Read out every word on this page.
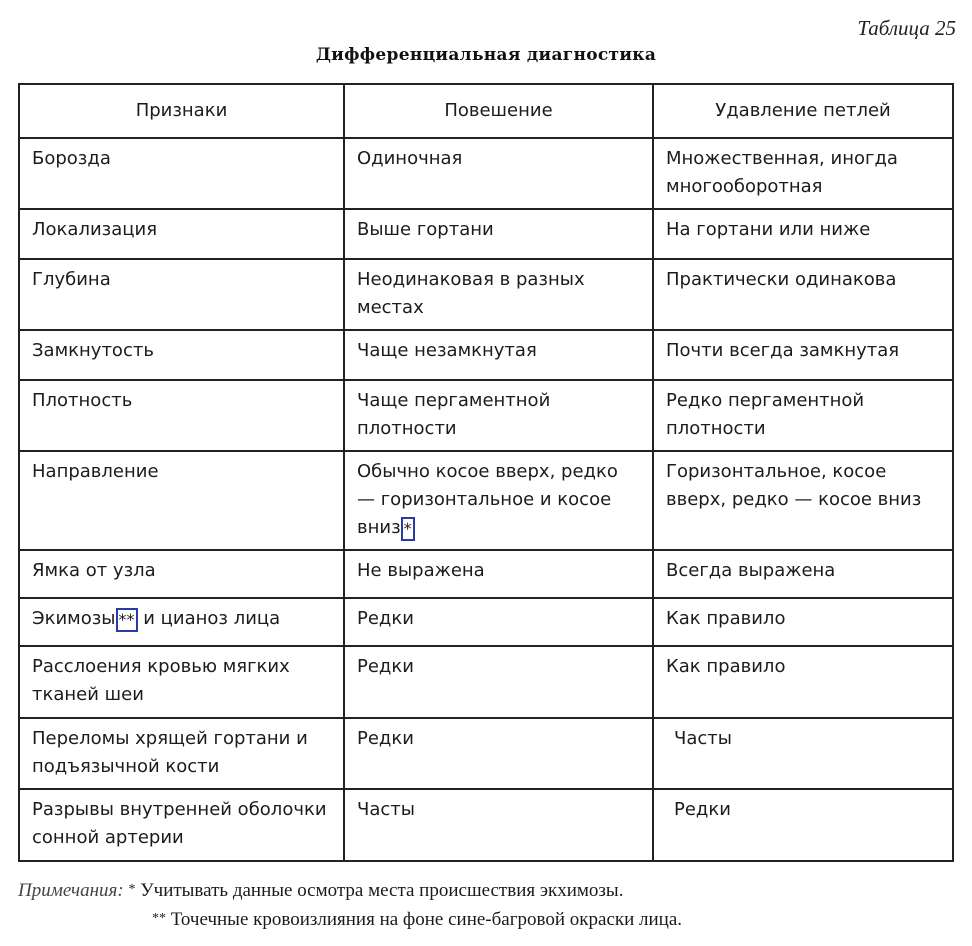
Таблица 25
Дифференциальная диагностика
Признаки	Повешение	Удавление петлей
Борозда	Одиночная	Множественная, иногда многооборотная
Локализация	Выше гортани	На гортани или ниже
Глубина	Неодинаковая в разных местах	Практически одинакова
Замкнутость	Чаще незамкнутая	Почти всегда замкнутая
Плотность	Чаще пергаментной плотности	Редко пергаментной плотности
Направление	Обычно косое вверх, редко — горизонтальное и косое вниз *	Горизонтальное, косое вверх, редко — косое вниз
Ямка от узла	Не выражена	Всегда выражена
Экимозы ** и цианоз лица	Редки	Как правило
Расслоения кровью мягких тканей шеи	Редки	Как правило
Переломы хрящей гортани и подъязычной кости	Редки	Часты
Разрывы внутренней оболочки сонной артерии	Часты	Редки
Примечания: * Учитывать данные осмотра места происшествия экхимозы.
** Точечные кровоизлияния на фоне сине-багровой окраски лица.
